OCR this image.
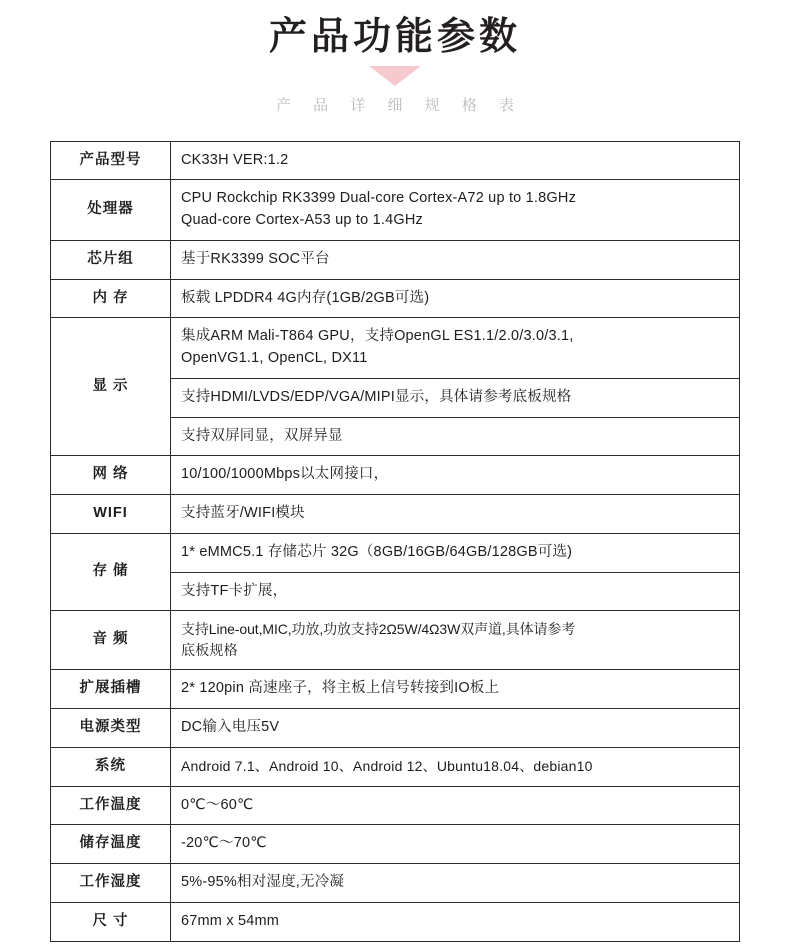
产品功能参数
产 品 详 细 规 格 表
产品型号	CK33H VER:1.2
处理器	CPU Rockchip RK3399 Dual-core Cortex-A72 up to 1.8GHz
Quad-core Cortex-A53 up to 1.4GHz

芯片组	基于RK3399 SOC平台
内 存	板载 LPDDR4 4G内存(1GB/2GB可选)
显 示	集成ARM Mali-T864 GPU，支持OpenGL ES1.1/2.0/3.0/3.1,
OpenVG1.1, OpenCL, DX11

	支持HDMI/LVDS/EDP/VGA/MIPI显示，具体请参考底板规格
	支持双屏同显，双屏异显
网 络	10/100/1000Mbps以太网接口，
WIFI	支持蓝牙/WIFI模块
存 储	1* eMMC5.1 存储芯片 32G（8GB/16GB/64GB/128GB可选)
	支持TF卡扩展，
音 频	支持Line-out,MIC,功放,功放支持2Ω5W/4Ω3W双声道,具体请参考
底板规格

扩展插槽	2* 120pin 高速座子，将主板上信号转接到IO板上
电源类型	DC输入电压5V
系统	Android 7.1、Android 10、Android 12、Ubuntu18.04、debian10
工作温度	0℃～60℃
储存温度	-20℃～70℃
工作湿度	5%-95%相对湿度,无冷凝
尺 寸	67mm x 54mm
